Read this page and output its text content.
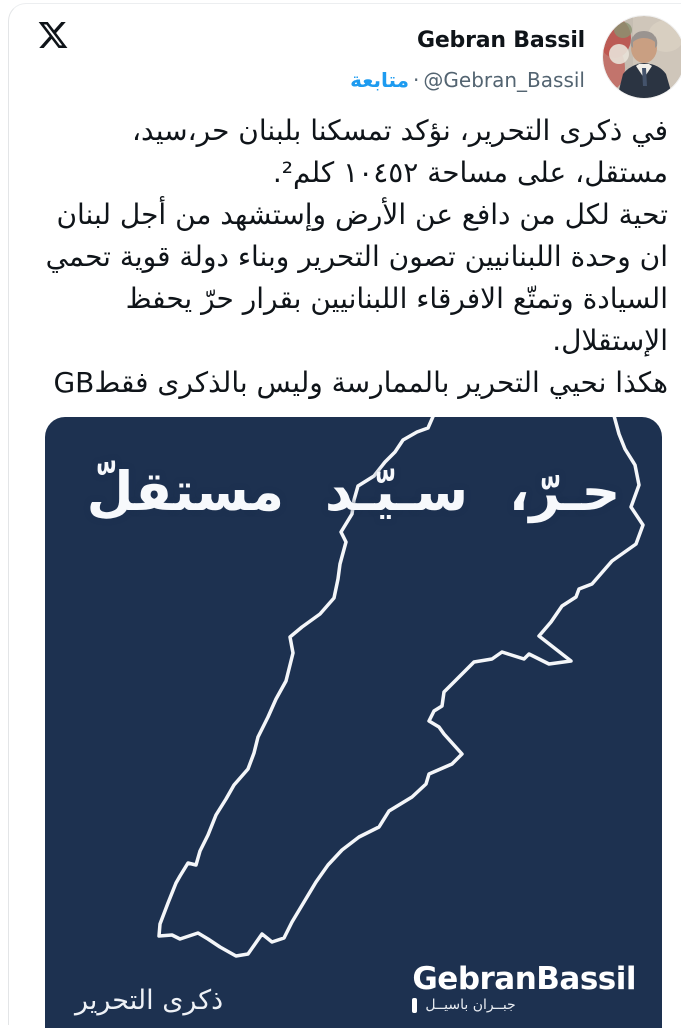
Gebran Bassil
@Gebran_Bassil·متابعة

في ذكرى التحرير، نؤكد تمسكنا بلبنان حر،سيد، مستقل، على مساحة ١٠٤٥٢ كلم².

تحية لكل من دافع عن الأرض وإستشهد من أجل لبنان ان وحدة اللبنانيين تصون التحرير وبناء دولة قوية تحمي السيادة وتمتّع الافرقاء اللبنانيين بقرار حرّ يحفظ الإستقلال.

هكذا نحيي التحرير بالممارسة وليس بالذكرى فقطGB

حـرّ، سـيّـد مستقلّ
ذكرى التحرير
GebranBassil
جبــران باسيــل
